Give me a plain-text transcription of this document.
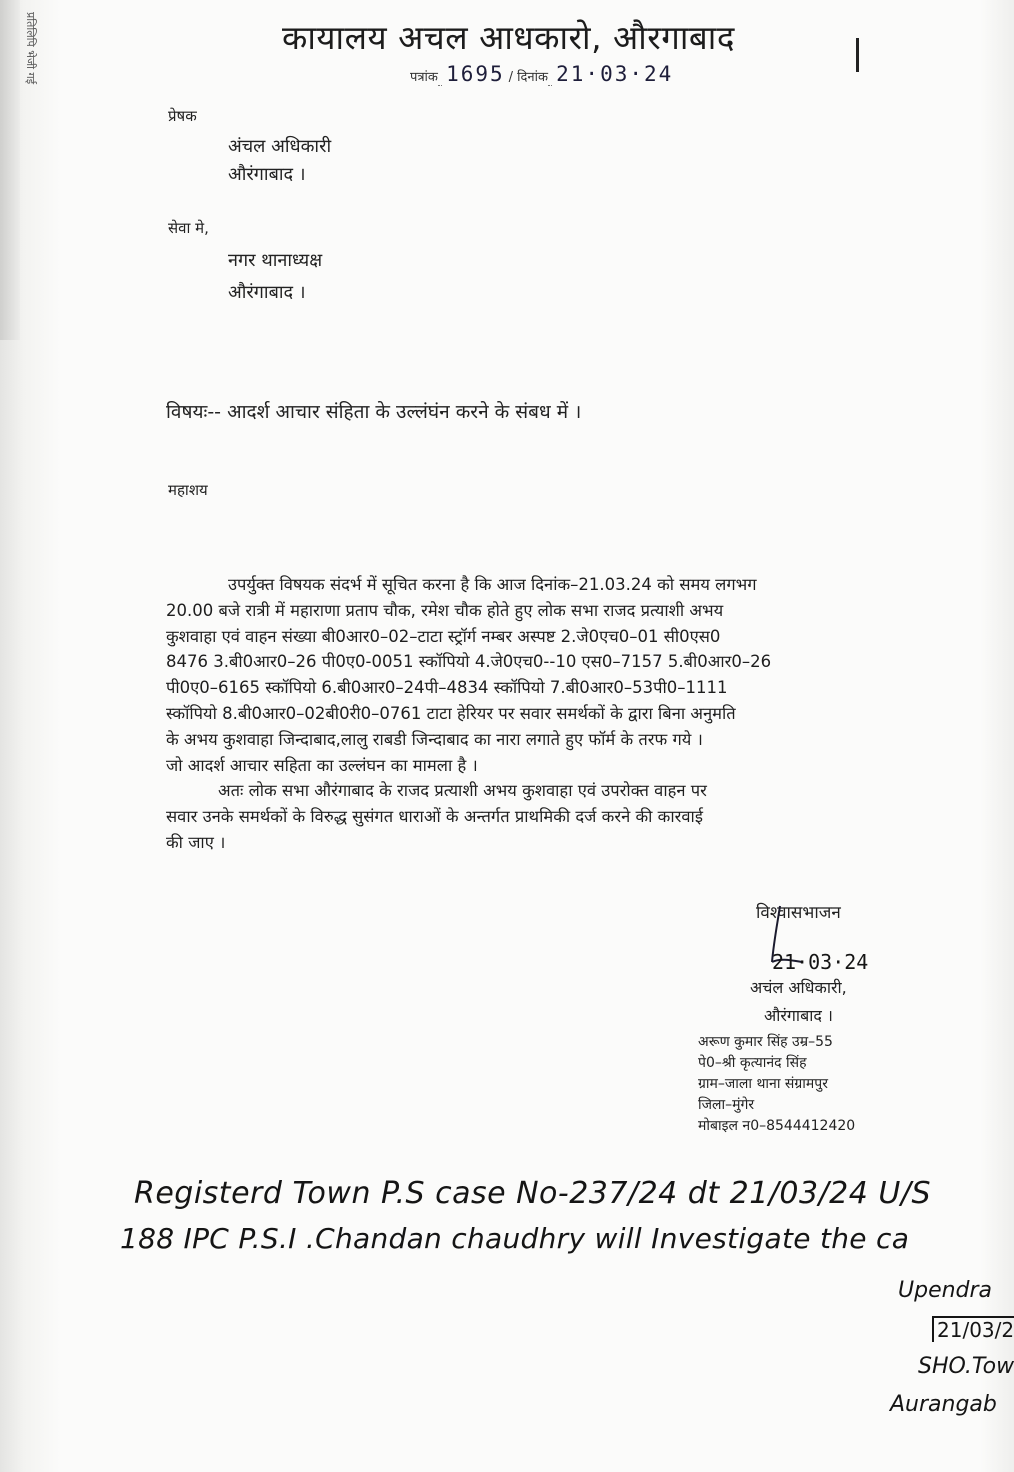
प्रतिलिपि भेजी गई	कायालय अचल आधकारो, औरगाबाद
पत्रांक 1695 / दिनांक 21·03·24
प्रेषक
अंचल अधिकारी
औरंगाबाद ।
सेवा मे,
नगर थानाध्यक्ष
औरंगाबाद ।
विषयः-- आदर्श आचार संहिता के उल्लंघंन करने के संबध में ।
महाशय
उपर्युक्त विषयक संदर्भ में सूचित करना है कि आज दिनांक–21.03.24 को समय लगभग
20.00 बजे रात्री में महाराणा प्रताप चौक, रमेश चौक होते हुए लोक सभा राजद प्रत्याशी अभय
कुशवाहा एवं वाहन संख्या बी0आर0–02–टाटा स्ट्रॉर्ग नम्बर अस्पष्ट 2.जे0एच0–01 सी0एस0
8476 3.बी0आर0–26 पी0ए0-0051 स्कॉपियो 4.जे0एच0--10 एस0–7157 5.बी0आर0–26
पी0ए0–6165 स्कॉपियो 6.बी0आर0–24पी–4834 स्कॉपियो 7.बी0आर0–53पी0–1111
स्कॉपियो 8.बी0आर0–02बी0री0–0761 टाटा हेरियर पर सवार समर्थकों के द्वारा बिना अनुमति
के अभय कुशवाहा जिन्दाबाद,लालु राबडी जिन्दाबाद का नारा लगाते हुए फॉर्म के तरफ गये ।
जो आदर्श आचार सहिता का उल्लंघन का मामला है ।
अतः लोक सभा औरंगाबाद के राजद प्रत्याशी अभय कुशवाहा एवं उपरोक्त वाहन पर
सवार उनके समर्थकों के विरुद्ध सुसंगत धाराओं के अन्तर्गत प्राथमिकी दर्ज करने की कारवाई
की जाए ।
विश्वासभाजन
21·03·24
अचंल अधिकारी,
औरंगाबाद ।
अरूण कुमार सिंह उम्र–55
पे0–श्री कृत्यानंद सिंह
ग्राम–जाला थाना संग्रामपुर
जिला–मुंगेर
मोबाइल न0–8544412420
Registerd Town P.S case No-237/24 dt 21/03/24 U/S
188 IPC P.S.I .Chandan chaudhry will Investigate the ca
Upendra
21/03/2
SHO.Tow
Aurangab
